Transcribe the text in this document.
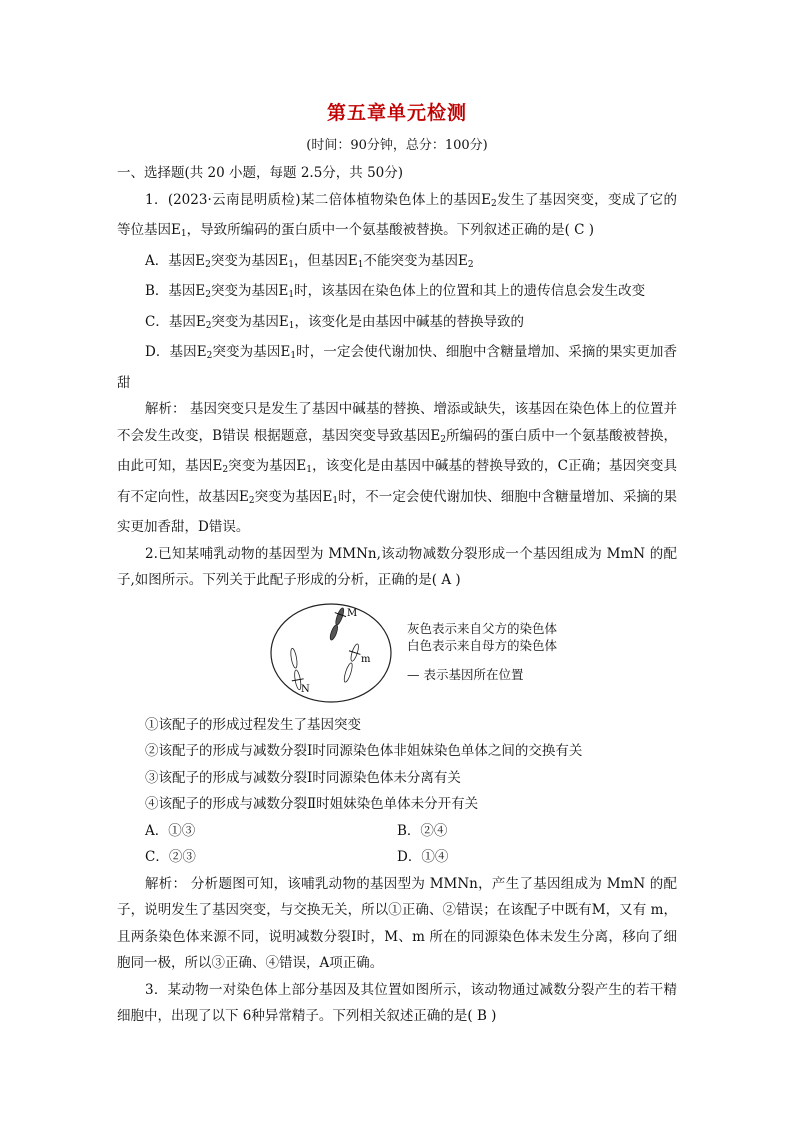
第五章单元检测
(时间：90分钟，总分：100分)

一、选择题(共 20 小题，每题 2.5分，共 50分)

1．(2023·云南昆明质检)某二倍体植物染色体上的基因$E_2$发生了基因突变，变成了它的等位基因$E_1$，导致所编码的蛋白质中一个氨基酸被替换。下列叙述正确的是( C )

A．基因$E_2$突变为基因$E_1$，但基因$E_1$不能突变为基因$E_2$

B．基因$E_2$突变为基因$E_1$时，该基因在染色体上的位置和其上的遗传信息会发生改变

C．基因$E_2$突变为基因$E_1$，该变化是由基因中碱基的替换导致的

D．基因$E_2$突变为基因$E_1$时，一定会使代谢加快、细胞中含糖量增加、采摘的果实更加香甜

解析： 基因突变只是发生了基因中碱基的替换、增添或缺失，该基因在染色体上的位置并不会发生改变，B错误 根据题意，基因突变导致基因$E_2$所编码的蛋白质中一个氨基酸被替换，由此可知，基因$E_2$突变为基因$E_1$，该变化是由基因中碱基的替换导致的，C正确；基因突变具有不定向性，故基因$E_2$突变为基因$E_1$时，不一定会使代谢加快、细胞中含糖量增加、采摘的果实更加香甜，D错误。

2.已知某哺乳动物的基因型为 MMNn,该动物减数分裂形成一个基因组成为 MmN 的配子,如图所示。下列关于此配子形成的分析，正确的是( A )

M
N
m
灰色表示来自父方的染色体
白色表示来自母方的染色体
— 表示基因所在位置

①该配子的形成过程发生了基因突变

②该配子的形成与减数分裂Ⅰ时同源染色体非姐妹染色单体之间的交换有关

③该配子的形成与减数分裂Ⅰ时同源染色体未分离有关

④该配子的形成与减数分裂Ⅱ时姐妹染色单体未分开有关

A．①③	B．②④
C．②③	D．①④

解析： 分析题图可知，该哺乳动物的基因型为 MMNn，产生了基因组成为 MmN 的配子，说明发生了基因突变，与交换无关，所以①正确、②错误；在该配子中既有M，又有 m，且两条染色体来源不同，说明减数分裂Ⅰ时，M、m 所在的同源染色体未发生分离，移向了细胞同一极，所以③正确、④错误，A项正确。

3．某动物一对染色体上部分基因及其位置如图所示，该动物通过减数分裂产生的若干精细胞中，出现了以下 6种异常精子。下列相关叙述正确的是( B )
